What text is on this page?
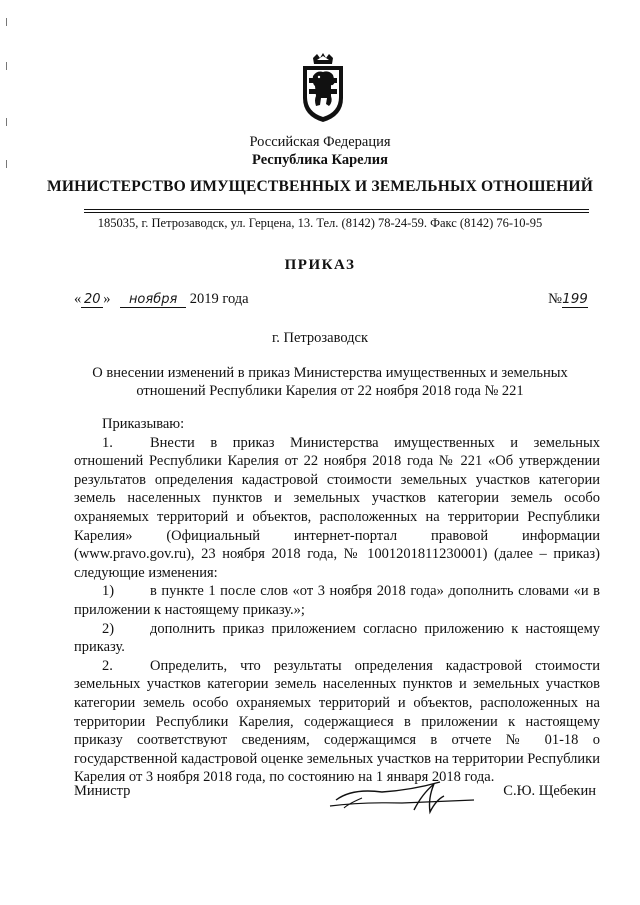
Российская Федерация
Республика Карелия
МИНИСТЕРСТВО ИМУЩЕСТВЕННЫХ И ЗЕМЕЛЬНЫХ ОТНОШЕНИЙ
185035, г. Петрозаводск, ул. Герцена, 13. Тел. (8142) 78-24-59. Факс (8142) 76-10-95
ПРИКАЗ
« 20 » ноября 2019 года	№199
г. Петрозаводск
О внесении изменений в приказ Министерства имущественных и земельных отношений Республики Карелия от 22 ноября 2018 года № 221

Приказываю:

1.	Внести в приказ Министерства имущественных и земельных отношений Республики Карелия от 22 ноября 2018 года № 221 «Об утверждении результатов определения кадастровой стоимости земельных участков категории земель населенных пунктов и земельных участков категории земель особо охраняемых территорий и объектов, расположенных на территории Республики Карелия» (Официальный интернет-портал правовой информации (www.pravo.gov.ru), 23 ноября 2018 года, № 1001201811230001) (далее – приказ) следующие изменения:

1) в пункте 1 после слов «от 3 ноября 2018 года» дополнить словами «и в приложении к настоящему приказу.»;

2) дополнить приказ приложением согласно приложению к настоящему приказу.

2.	Определить, что результаты определения кадастровой стоимости земельных участков категории земель населенных пунктов и земельных участков категории земель особо охраняемых территорий и объектов, расположенных на территории Республики Карелия, содержащиеся в приложении к настоящему приказу соответствуют сведениям, содержащимся в отчете № 01-18 о государственной кадастровой оценке земельных участков на территории Республики Карелия от 3 ноября 2018 года, по состоянию на 1 января 2018 года.

Министр	С.Ю. Щебекин
